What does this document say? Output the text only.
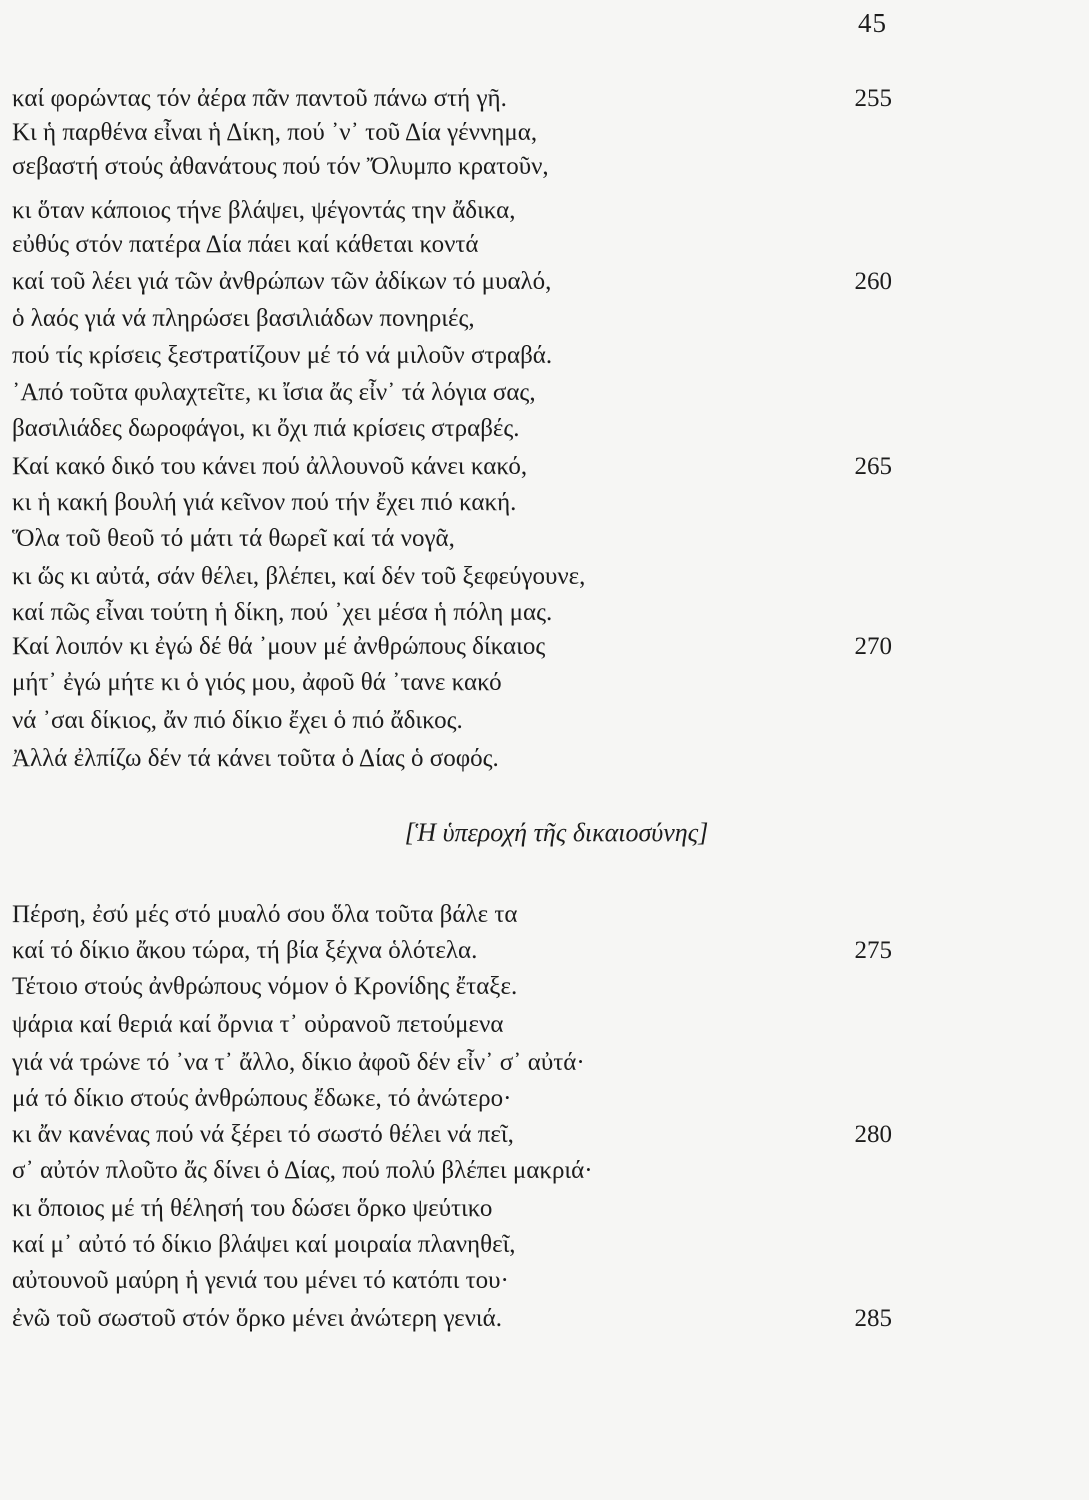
45
καί φορώντας τόν ἀέρα πᾶν παντοῦ πάνω στή γῆ.	255
Κι ἡ παρθένα εἶναι ἡ Δίκη, πού ᾽ν᾽ τοῦ Δία γέννημα,
σεβαστή στούς ἀθανάτους πού τόν Ὄλυμπο κρατοῦν,
κι ὅταν κάποιος τήνε βλάψει, ψέγοντάς την ἄδικα,
εὐθύς στόν πατέρα Δία πάει καί κάθεται κοντά
καί τοῦ λέει γιά τῶν ἀνθρώπων τῶν ἀδίκων τό μυαλό,	260
ὁ λαός γιά νά πληρώσει βασιλιάδων πονηριές,
πού τίς κρίσεις ξεστρατίζουν μέ τό νά μιλοῦν στραβά.
᾽Από τοῦτα φυλαχτεῖτε, κι ἴσια ἄς εἶν᾽ τά λόγια σας,
βασιλιάδες δωροφάγοι, κι ὄχι πιά κρίσεις στραβές.
Καί κακό δικό του κάνει πού ἀλλουνοῦ κάνει κακό,	265
κι ἡ κακή βουλή γιά κεῖνον πού τήν ἔχει πιό κακή.
Ὅλα τοῦ θεοῦ τό μάτι τά θωρεῖ καί τά νογᾶ,
κι ὥς κι αὐτά, σάν θέλει, βλέπει, καί δέν τοῦ ξεφεύγουνε,
καί πῶς εἶναι τούτη ἡ δίκη, πού ᾽χει μέσα ἡ πόλη μας.
Καί λοιπόν κι ἐγώ δέ θά ᾽μουν μέ ἀνθρώπους δίκαιος	270
μήτ᾽ ἐγώ μήτε κι ὁ γιός μου, ἀφοῦ θά ᾽τανε κακό
νά ᾽σαι δίκιος, ἄν πιό δίκιο ἔχει ὁ πιό ἄδικος.
Ἀλλά ἐλπίζω δέν τά κάνει τοῦτα ὁ Δίας ὁ σοφός.
[Ἡ ὑπεροχή τῆς δικαιοσύνης]
Πέρση, ἐσύ μές στό μυαλό σου ὅλα τοῦτα βάλε τα
καί τό δίκιο ἄκου τώρα, τή βία ξέχνα ὁλότελα.	275
Τέτοιο στούς ἀνθρώπους νόμον ὁ Κρονίδης ἔταξε.
ψάρια καί θεριά καί ὄρνια τ᾽ οὐρανοῦ πετούμενα
γιά νά τρώνε τό ᾽να τ᾽ ἄλλο, δίκιο ἀφοῦ δέν εἶν᾽ σ᾽ αὐτά·
μά τό δίκιο στούς ἀνθρώπους ἔδωκε, τό ἀνώτερο·
κι ἄν κανένας πού νά ξέρει τό σωστό θέλει νά πεῖ,	280
σ᾽ αὐτόν πλοῦτο ἄς δίνει ὁ Δίας, πού πολύ βλέπει μακριά·
κι ὅποιος μέ τή θέλησή του δώσει ὅρκο ψεύτικο
καί μ᾽ αὐτό τό δίκιο βλάψει καί μοιραία πλανηθεῖ,
αὐτουνοῦ μαύρη ἡ γενιά του μένει τό κατόπι του·
ἐνῶ τοῦ σωστοῦ στόν ὅρκο μένει ἀνώτερη γενιά.	285
